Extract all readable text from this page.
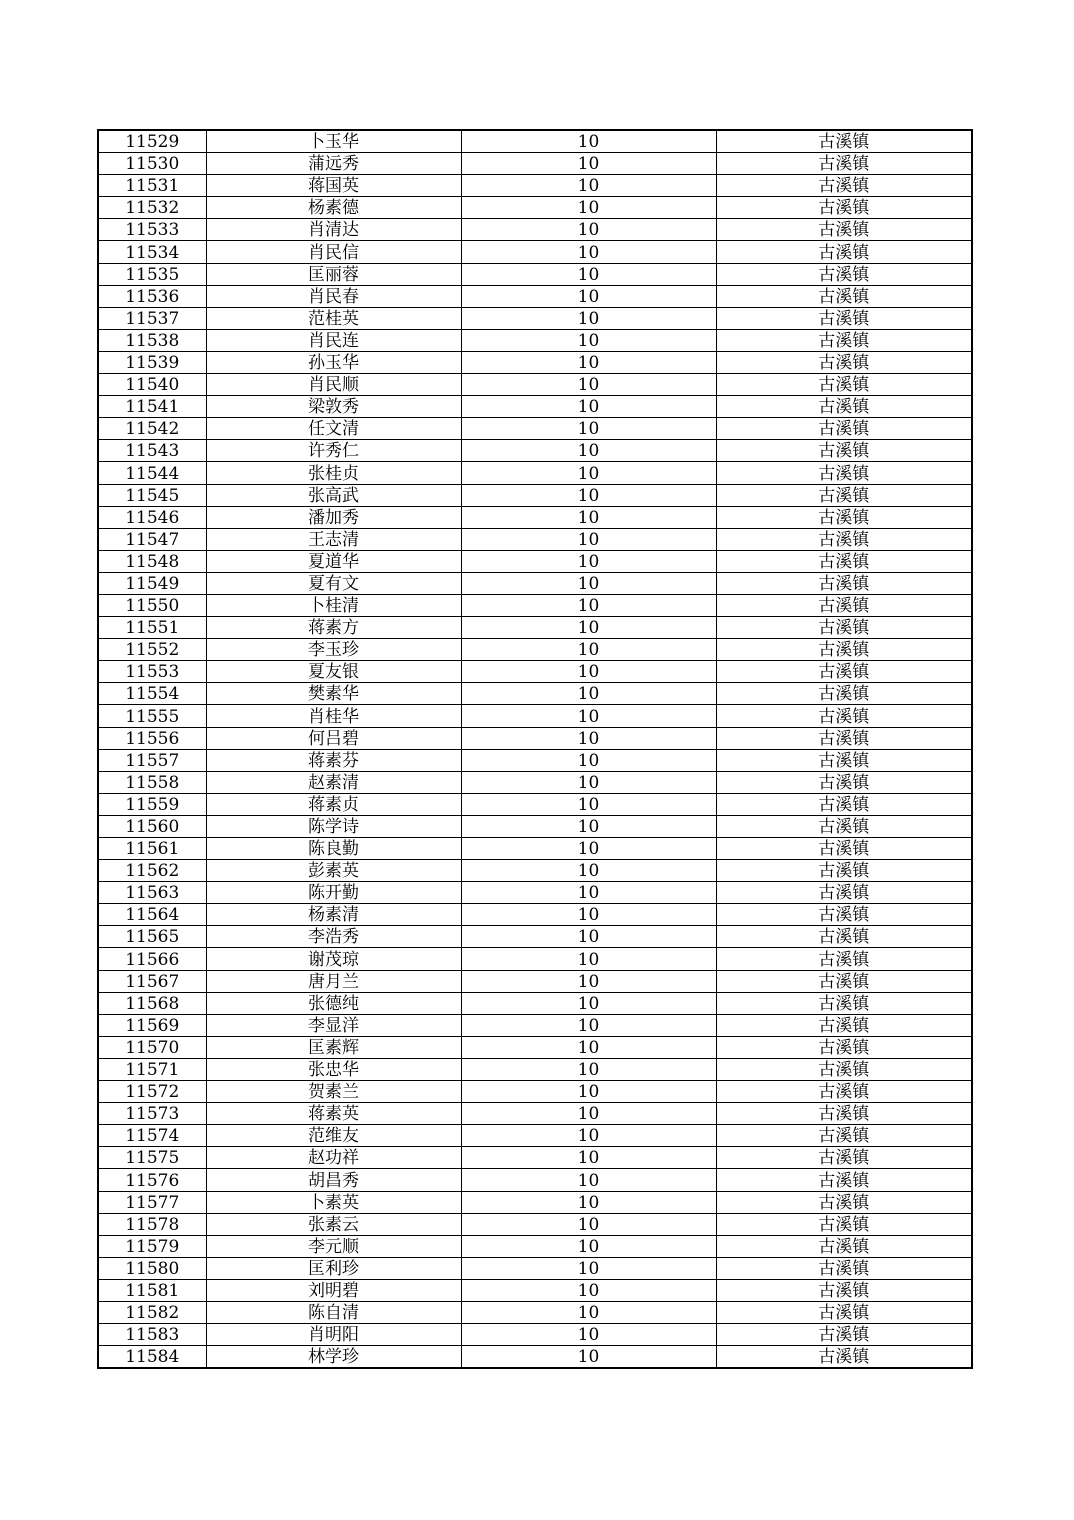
11529	卜玉华	10	古溪镇
11530	蒲远秀	10	古溪镇
11531	蒋国英	10	古溪镇
11532	杨素德	10	古溪镇
11533	肖清达	10	古溪镇
11534	肖民信	10	古溪镇
11535	匡丽蓉	10	古溪镇
11536	肖民春	10	古溪镇
11537	范桂英	10	古溪镇
11538	肖民连	10	古溪镇
11539	孙玉华	10	古溪镇
11540	肖民顺	10	古溪镇
11541	梁敦秀	10	古溪镇
11542	任文清	10	古溪镇
11543	许秀仁	10	古溪镇
11544	张桂贞	10	古溪镇
11545	张高武	10	古溪镇
11546	潘加秀	10	古溪镇
11547	王志清	10	古溪镇
11548	夏道华	10	古溪镇
11549	夏有文	10	古溪镇
11550	卜桂清	10	古溪镇
11551	蒋素方	10	古溪镇
11552	李玉珍	10	古溪镇
11553	夏友银	10	古溪镇
11554	樊素华	10	古溪镇
11555	肖桂华	10	古溪镇
11556	何吕碧	10	古溪镇
11557	蒋素芬	10	古溪镇
11558	赵素清	10	古溪镇
11559	蒋素贞	10	古溪镇
11560	陈学诗	10	古溪镇
11561	陈良勤	10	古溪镇
11562	彭素英	10	古溪镇
11563	陈开勤	10	古溪镇
11564	杨素清	10	古溪镇
11565	李浩秀	10	古溪镇
11566	谢茂琼	10	古溪镇
11567	唐月兰	10	古溪镇
11568	张德纯	10	古溪镇
11569	李显洋	10	古溪镇
11570	匡素辉	10	古溪镇
11571	张忠华	10	古溪镇
11572	贺素兰	10	古溪镇
11573	蒋素英	10	古溪镇
11574	范维友	10	古溪镇
11575	赵功祥	10	古溪镇
11576	胡昌秀	10	古溪镇
11577	卜素英	10	古溪镇
11578	张素云	10	古溪镇
11579	李元顺	10	古溪镇
11580	匡利珍	10	古溪镇
11581	刘明碧	10	古溪镇
11582	陈自清	10	古溪镇
11583	肖明阳	10	古溪镇
11584	林学珍	10	古溪镇
